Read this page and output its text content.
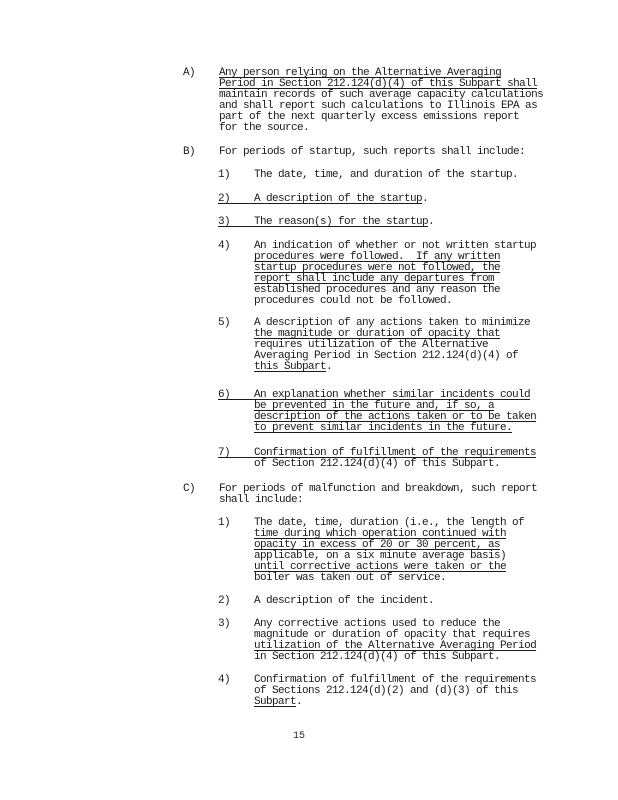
A)    Any person relying on the Alternative Averaging
Period in Section 212.124(d)(4) of this Subpart shall
maintain records of such average capacity calculations
and shall report such calculations to Illinois EPA as
part of the next quarterly excess emissions report
for the source.
B)    For periods of startup, such reports shall include:
1)    The date, time, and duration of the startup.
2)    A description of the startup.
3)    The reason(s) for the startup.
4)    An indication of whether or not written startup
procedures were followed.  If any written
startup procedures were not followed, the
report shall include any departures from
established procedures and any reason the
procedures could not be followed.
5)    A description of any actions taken to minimize
the magnitude or duration of opacity that
requires utilization of the Alternative
Averaging Period in Section 212.124(d)(4) of
this Subpart.
6)    An explanation whether similar incidents could
be prevented in the future and, if so, a
description of the actions taken or to be taken
to prevent similar incidents in the future.
7)    Confirmation of fulfillment of the requirements
of Section 212.124(d)(4) of this Subpart.
C)    For periods of malfunction and breakdown, such report
shall include:
1)    The date, time, duration (i.e., the length of
time during which operation continued with
opacity in excess of 20 or 30 percent, as
applicable, on a six minute average basis)
until corrective actions were taken or the
boiler was taken out of service.
2)    A description of the incident.
3)    Any corrective actions used to reduce the
magnitude or duration of opacity that requires
utilization of the Alternative Averaging Period
in Section 212.124(d)(4) of this Subpart.
4)    Confirmation of fulfillment of the requirements
of Sections 212.124(d)(2) and (d)(3) of this
Subpart.
15
